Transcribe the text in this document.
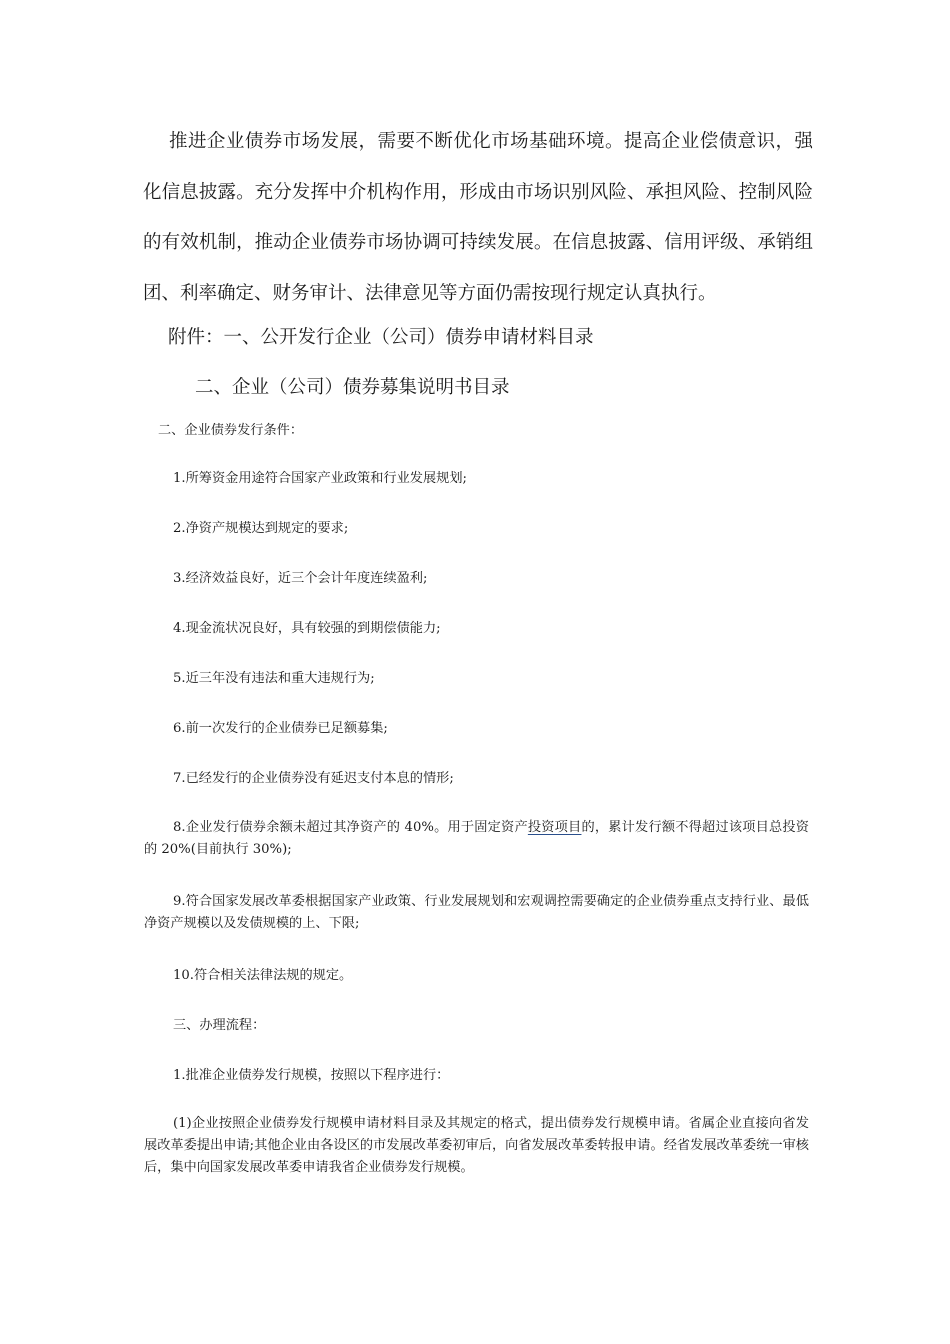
推进企业债券市场发展，需要不断优化市场基础环境。提高企业偿债意识，强化信息披露。充分发挥中介机构作用，形成由市场识别风险、承担风险、控制风险的有效机制，推动企业债券市场协调可持续发展。在信息披露、信用评级、承销组团、利率确定、财务审计、法律意见等方面仍需按现行规定认真执行。

附件：一、公开发行企业（公司）债券申请材料目录

二、企业（公司）债券募集说明书目录

二、企业债券发行条件：

1.所筹资金用途符合国家产业政策和行业发展规划;

2.净资产规模达到规定的要求;

3.经济效益良好，近三个会计年度连续盈利;

4.现金流状况良好，具有较强的到期偿债能力;

5.近三年没有违法和重大违规行为;

6.前一次发行的企业债券已足额募集;

7.已经发行的企业债券没有延迟支付本息的情形;

8.企业发行债券余额未超过其净资产的 40%。用于固定资产投资项目的，累计发行额不得超过该项目总投资的 20%(目前执行 30%);

9.符合国家发展改革委根据国家产业政策、行业发展规划和宏观调控需要确定的企业债券重点支持行业、最低净资产规模以及发债规模的上、下限;

10.符合相关法律法规的规定。

三、办理流程：

1.批准企业债券发行规模，按照以下程序进行：

(1)企业按照企业债券发行规模申请材料目录及其规定的格式，提出债券发行规模申请。省属企业直接向省发展改革委提出申请;其他企业由各设区的市发展改革委初审后，向省发展改革委转报申请。经省发展改革委统一审核后，集中向国家发展改革委申请我省企业债券发行规模。
